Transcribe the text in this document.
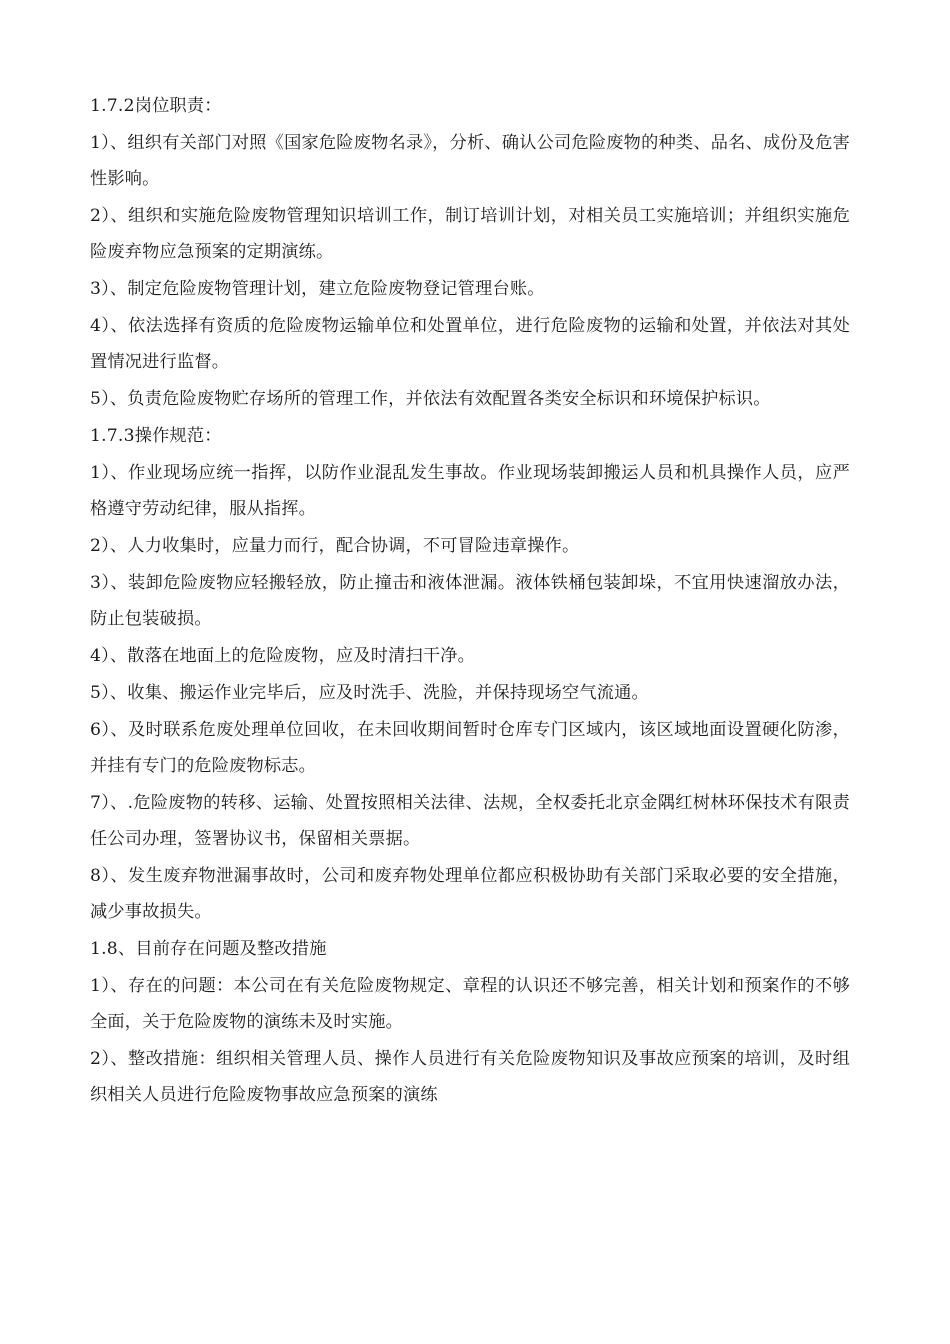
1.7.2岗位职责：

1）、组织有关部门对照《国家危险废物名录》，分析、确认公司危险废物的种类、品名、成份及危害性影响。

2）、组织和实施危险废物管理知识培训工作，制订培训计划，对相关员工实施培训；并组织实施危险废弃物应急预案的定期演练。

3）、制定危险废物管理计划，建立危险废物登记管理台账。

4）、依法选择有资质的危险废物运输单位和处置单位，进行危险废物的运输和处置，并依法对其处置情况进行监督。

5）、负责危险废物贮存场所的管理工作，并依法有效配置各类安全标识和环境保护标识。

1.7.3操作规范：

1）、作业现场应统一指挥，以防作业混乱发生事故。作业现场装卸搬运人员和机具操作人员，应严格遵守劳动纪律，服从指挥。

2）、人力收集时，应量力而行，配合协调，不可冒险违章操作。

3）、装卸危险废物应轻搬轻放，防止撞击和液体泄漏。液体铁桶包装卸垛，不宜用快速溜放办法，防止包装破损。

4）、散落在地面上的危险废物，应及时清扫干净。

5）、收集、搬运作业完毕后，应及时洗手、洗脸，并保持现场空气流通。

6）、及时联系危废处理单位回收，在未回收期间暂时仓库专门区域内，该区域地面设置硬化防渗，并挂有专门的危险废物标志。

7）、.危险废物的转移、运输、处置按照相关法律、法规，全权委托北京金隅红树林环保技术有限责任公司办理，签署协议书，保留相关票据。

8）、发生废弃物泄漏事故时，公司和废弃物处理单位都应积极协助有关部门采取必要的安全措施，减少事故损失。

1.8、目前存在问题及整改措施

1）、存在的问题：本公司在有关危险废物规定、章程的认识还不够完善，相关计划和预案作的不够全面，关于危险废物的演练未及时实施。

2）、整改措施：组织相关管理人员、操作人员进行有关危险废物知识及事故应预案的培训，及时组织相关人员进行危险废物事故应急预案的演练
